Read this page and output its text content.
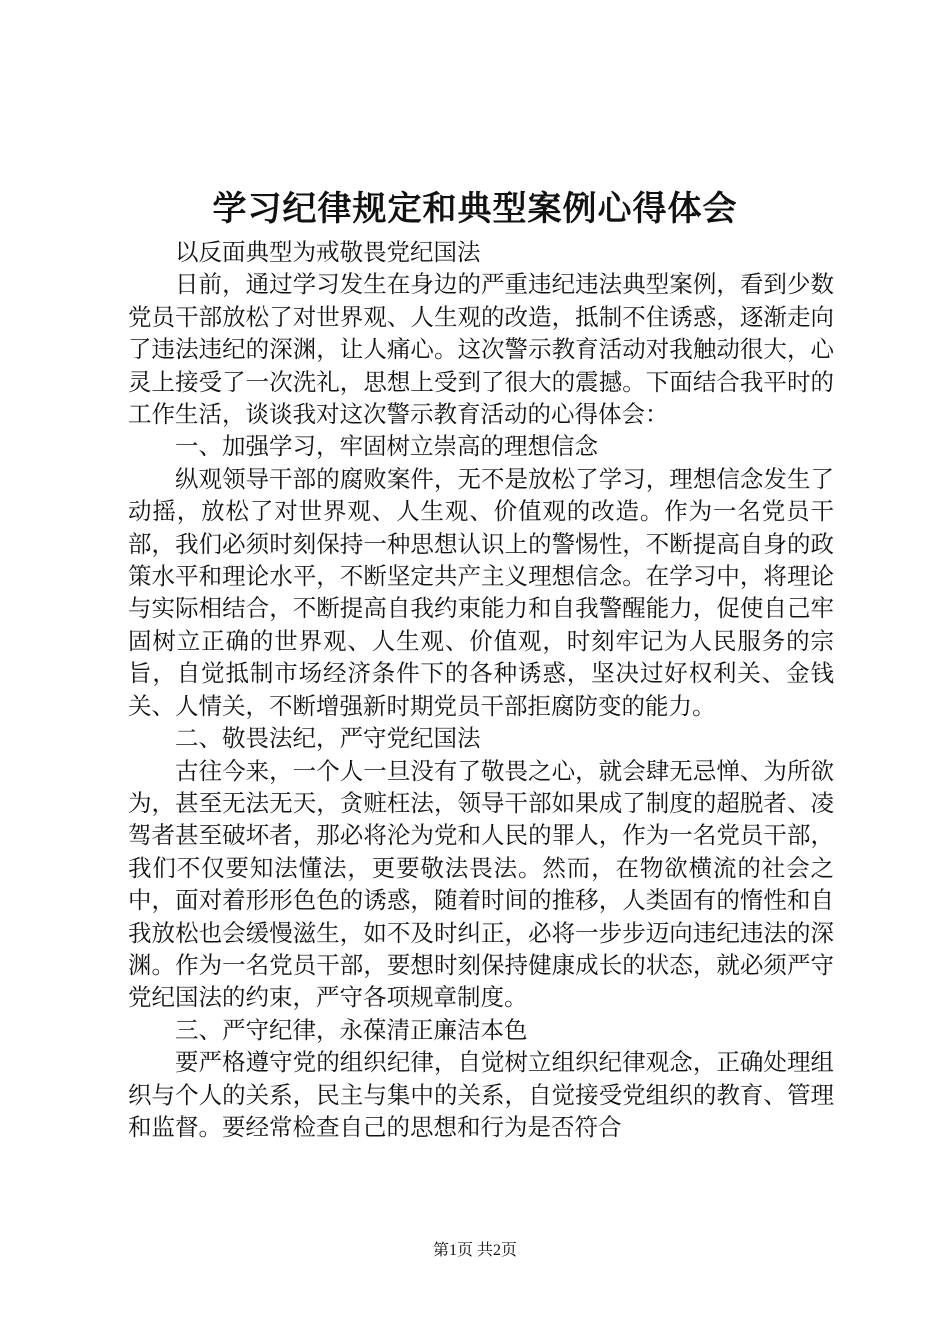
学习纪律规定和典型案例心得体会

以反面典型为戒敬畏党纪国法

日前，通过学习发生在身边的严重违纪违法典型案例，看到少数党员干部放松了对世界观、人生观的改造，抵制不住诱惑，逐渐走向了违法违纪的深渊，让人痛心。这次警示教育活动对我触动很大，心灵上接受了一次洗礼，思想上受到了很大的震撼。下面结合我平时的工作生活，谈谈我对这次警示教育活动的心得体会：

一、加强学习，牢固树立崇高的理想信念

纵观领导干部的腐败案件，无不是放松了学习，理想信念发生了动摇，放松了对世界观、人生观、价值观的改造。作为一名党员干部，我们必须时刻保持一种思想认识上的警惕性，不断提高自身的政策水平和理论水平，不断坚定共产主义理想信念。在学习中，将理论与实际相结合，不断提高自我约束能力和自我警醒能力，促使自己牢固树立正确的世界观、人生观、价值观，时刻牢记为人民服务的宗旨，自觉抵制市场经济条件下的各种诱惑，坚决过好权利关、金钱关、人情关，不断增强新时期党员干部拒腐防变的能力。

二、敬畏法纪，严守党纪国法

古往今来，一个人一旦没有了敬畏之心，就会肆无忌惮、为所欲为，甚至无法无天，贪赃枉法，领导干部如果成了制度的超脱者、凌驾者甚至破坏者，那必将沦为党和人民的罪人，作为一名党员干部，我们不仅要知法懂法，更要敬法畏法。然而，在物欲横流的社会之中，面对着形形色色的诱惑，随着时间的推移，人类固有的惰性和自我放松也会缓慢滋生，如不及时纠正，必将一步步迈向违纪违法的深渊。作为一名党员干部，要想时刻保持健康成长的状态，就必须严守党纪国法的约束，严守各项规章制度。

三、严守纪律，永葆清正廉洁本色

要严格遵守党的组织纪律，自觉树立组织纪律观念，正确处理组织与个人的关系，民主与集中的关系，自觉接受党组织的教育、管理和监督。要经常检查自己的思想和行为是否符合

第1页 共2页
